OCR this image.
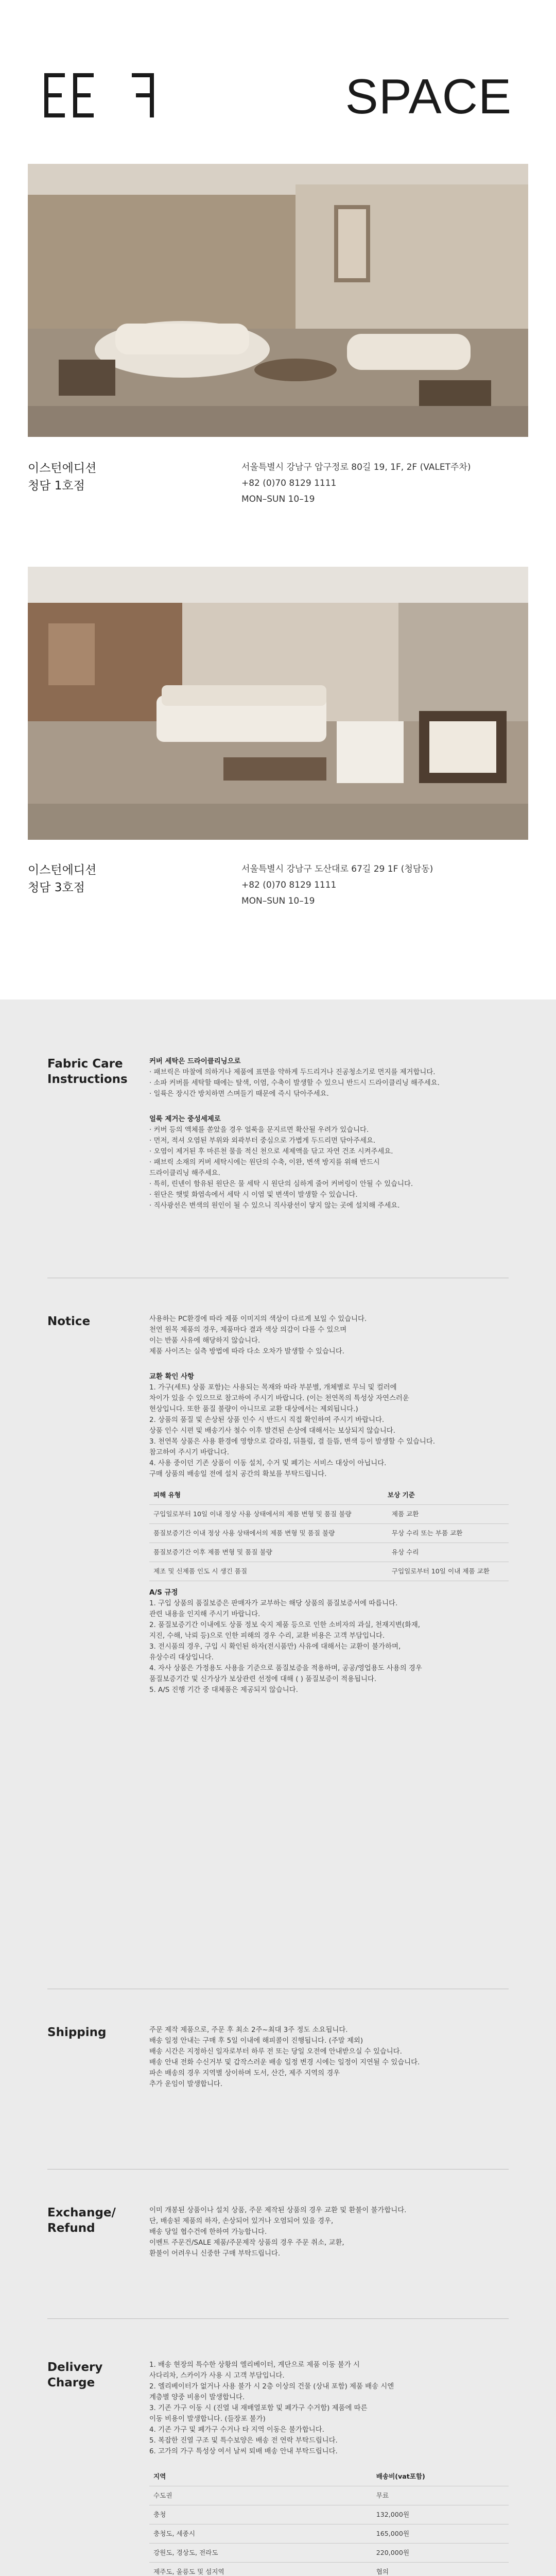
SPACE
이스턴에디션
청담 1호점
서울특별시 강남구 압구정로 80길 19, 1F, 2F (VALET주차)
+82 (0)70 8129 1111
MON–SUN 10–19
이스턴에디션
청담 3호점
서울특별시 강남구 도산대로 67길 29 1F (청담동)
+82 (0)70 8129 1111
MON–SUN 10–19
Fabric Care
Instructions

커버 세탁은 드라이클리닝으로

· 패브릭은 마찰에 의하거나 제품에 표면을 약하게 두드리거나 진공청소기로 먼지를 제거합니다.

· 소파 커버를 세탁할 때에는 탈색, 이염, 수축이 발생할 수 있으니 반드시 드라이클리닝 해주세요.

· 일륙은 장시간 방치하면 스며들기 때문에 즉시 닦아주세요.

얼룩 제거는 중성세제로

· 커버 등의 액체를 쏟았을 경우 얼룩을 문지르면 확산될 우려가 있습니다.

· 먼저, 적셔 오염된 부위와 외곽부터 중심으로 가볍게 두드리면 닦아주세요.

· 오염이 제거된 후 마른천 물을 적신 천으로 세제액을 닦고 자연 건조 시켜주세요.

· 패브릭 소재의 커버 세탁시에는 원단의 수축, 이완, 변색 방지를 위해 반드시

드라이클리닝 해주세요.

· 특히, 린넨이 함유된 원단은 물 세탁 시 원단의 심하게 줄어 커버링이 안될 수 있습니다.

· 원단은 햇빛 화염속에서 세탁 시 이염 및 변색이 발생할 수 있습니다.

· 직사광선은 변색의 원인이 될 수 있으니 직사광선이 닿지 않는 곳에 설치해 주세요.

Notice	사용하는 PC환경에 따라 제품 이미지의 색상이 다르게 보일 수 있습니다.

천연 원목 제품의 경우, 제품마다 결과 색상 의감이 다를 수 있으며

이는 반품 사유에 해당하지 않습니다.

제품 사이즈는 실측 방법에 따라 다소 오차가 발생할 수 있습니다.

교환 확인 사항

1. 가구(세트) 상품 포함)는 사용되는 목재와 따라 부분별, 개체별로 무늬 및 컬러에

차이가 있을 수 있으므로 참고하여 주시기 바랍니다. (이는 천연목의 특성상 자연스러운

현상입니다. 또한 품질 불량이 아니므로 교환 대상에서는 제외됩니다.)

2. 상품의 품질 및 손상된 상품 인수 시 반드시 직접 확인하여 주시기 바랍니다.

상품 인수 시편 및 배송기사 철수 이후 발견된 손상에 대해서는 보상되지 않습니다.

3. 천연목 상품은 사용 환경에 영향으로 갈라짐, 뒤틀림, 결 들뜸, 변색 등이 발생할 수 있습니다.

참고하여 주시기 바랍니다.

4. 사용 중이던 기존 상품이 이동 설치, 수거 및 폐기는 서비스 대상이 아닙니다.

구매 상품의 배송일 전에 설치 공간의 확보를 부탁드립니다.

피해 유형	보상 기준
구입일로부터 10일 이내 정상 사용 상태에서의 제품 변형 및 품질 불량	제품 교환
품질보증기간 이내 정상 사용 상태에서의 제품 변형 및 품질 불량	무상 수리 또는 부품 교환
품질보증기간 이후 제품 변형 및 품질 불량	유상 수리
제조 및 신제품 인도 시 생긴 품질	구입일로부터 10일 이내 제품 교환

A/S 규정

1. 구입 상품의 품질보증은 판매자가 교부하는 해당 상품의 품질보증서에 따릅니다.

관련 내용을 인지해 주시기 바랍니다.

2. 품질보증기간 이내에도 상품 정보 숙지 제품 등으로 인한 소비자의 과실, 천재지변(화재,

지진, 수해, 낙뢰 등)으로 인한 피해의 경우 수리, 교환 비용은 고객 부담입니다.

3. 전시품의 경우, 구입 시 확인된 하자(전시품만) 사유에 대해서는 교환이 불가하며,

유상수리 대상입니다.

4. 자사 상품은 가정용도 사용을 기준으로 품질보증을 적용하며, 공공/영업용도 사용의 경우

품질보증기간 및 신가상가 보상관련 선정에 대해 ( ) 품질보증이 적용됩니다.

5. A/S 진행 기간 중 대체품은 제공되지 않습니다.

Shipping	주문 제작 제품으로, 주문 후 최소 2주~최대 3주 정도 소요됩니다.

배송 일정 안내는 구매 후 5일 이내에 해피콜이 진행됩니다. (주말 제외)

배송 시간은 지정하신 일자로부터 하루 전 또는 당일 오전에 안내받으실 수 있습니다.

배송 안내 전화 수신거부 및 갑작스러운 배송 일정 변경 시에는 일정이 지연될 수 있습니다.

파손 배송의 경우 지역별 상이하며 도서, 산간, 제주 지역의 경우

추가 운임이 발생합니다.

Exchange/
Refund

이미 개봉된 상품이나 설치 상품, 주문 제작된 상품의 경우 교환 및 환불이 불가합니다.

단, 배송된 제품의 하자, 손상되어 있거나 오염되어 있을 경우,

배송 당일 협수건에 한하여 가능합니다.

이벤트 주문건/SALE 제품/주문제작 상품의 경우 주문 취소, 교환,

환불이 어려우니 신중한 구매 부탁드립니다.

Delivery
Charge

1. 배송 현장의 특수한 상황의 엘리베이터, 계단으로 제품 이동 불가 시

사다리차, 스카이가 사용 시 고객 부담입니다.

2. 엘리베이터가 없거나 사용 불가 시 2층 이상의 건물 (상내 포함) 제품 배송 시엔

계층별 양중 비용이 발생합니다.

3. 기존 가구 이동 시 (진열 내 재배열포함 및 폐가구 수거함) 제품에 따른

이동 비용이 발생합니다. (들장포 불가)

4. 기존 가구 및 폐가구 수거나 타 지역 이동은 불가합니다.

5. 복잡한 진열 구조 및 특수보양은 배송 전 연락 부탁드립니다.

6. 고가의 가구 특성상 여서 날씨 퇴배 배송 안내 부탁드립니다.

지역	배송비(vat포함)
수도권	무료
충청	132,000원
충청도, 세종시	165,000원
강원도, 경상도, 전라도	220,000원
제주도, 울릉도 및 섬지역	협의
